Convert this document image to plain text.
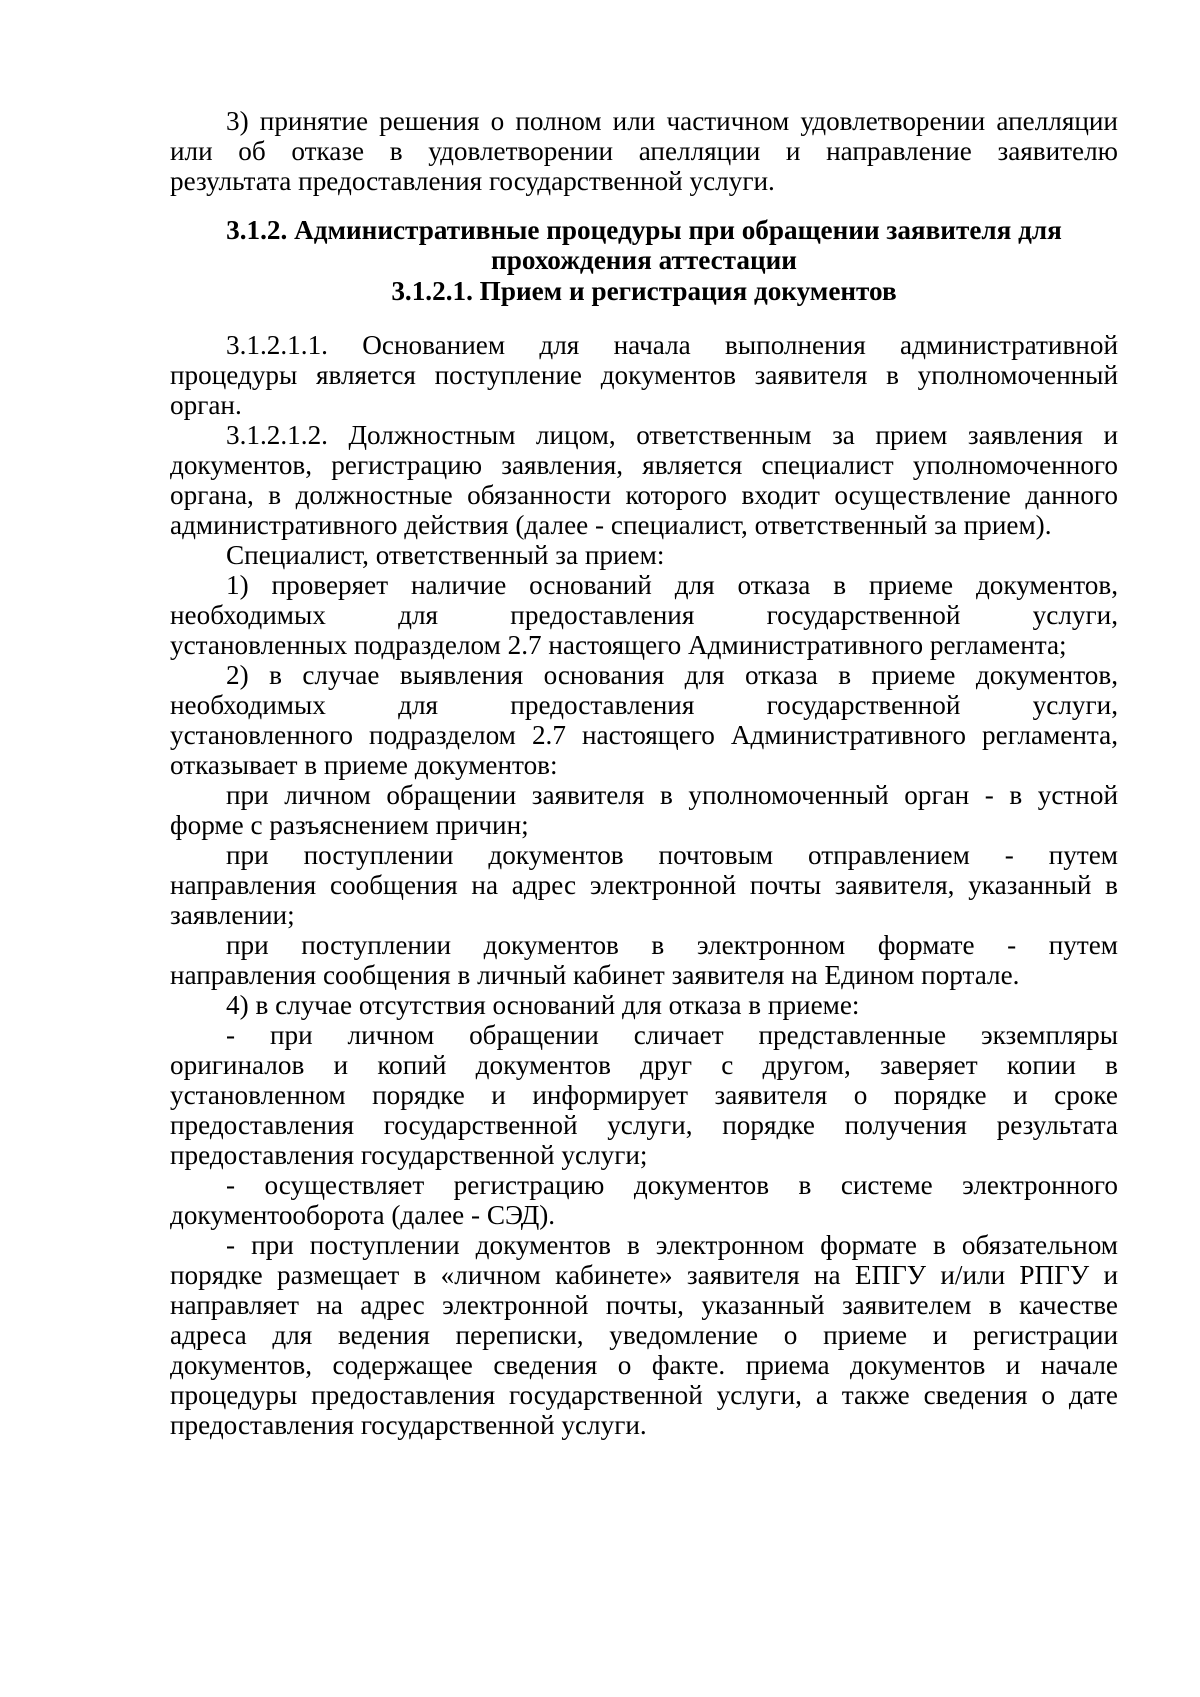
3) принятие решения о полном или частичном удовлетворении апелляции
или об отказе в удовлетворении апелляции и направление заявителю
результата предоставления государственной услуги.
3.1.2. Административные процедуры при обращении заявителя для
прохождения аттестации
3.1.2.1. Прием и регистрация документов
3.1.2.1.1. Основанием для начала выполнения административной
процедуры является поступление документов заявителя в уполномоченный
орган.
3.1.2.1.2. Должностным лицом, ответственным за прием заявления и
документов, регистрацию заявления, является специалист уполномоченного
органа, в должностные обязанности которого входит осуществление данного
административного действия (далее - специалист, ответственный за прием).
Специалист, ответственный за прием:
1) проверяет наличие оснований для отказа в приеме документов,
необходимых для предоставления государственной услуги,
установленных подразделом 2.7 настоящего Административного регламента;
2) в случае выявления основания для отказа в приеме документов,
необходимых для предоставления государственной услуги,
установленного подразделом 2.7 настоящего Административного регламента,
отказывает в приеме документов:
при личном обращении заявителя в уполномоченный орган - в устной
форме с разъяснением причин;
при поступлении документов почтовым отправлением - путем
направления сообщения на адрес электронной почты заявителя, указанный в
заявлении;
при поступлении документов в электронном формате - путем
направления сообщения в личный кабинет заявителя на Едином портале.
4) в случае отсутствия оснований для отказа в приеме:
- при личном обращении сличает представленные экземпляры
оригиналов и копий документов друг с другом, заверяет копии в
установленном порядке и информирует заявителя о порядке и сроке
предоставления государственной услуги, порядке получения результата
предоставления государственной услуги;
- осуществляет регистрацию документов в системе электронного
документооборота (далее - СЭД).
- при поступлении документов в электронном формате в обязательном
порядке размещает в «личном кабинете» заявителя на ЕПГУ и/или РПГУ и
направляет на адрес электронной почты, указанный заявителем в качестве
адреса для ведения переписки, уведомление о приеме и регистрации
документов, содержащее сведения о факте. приема документов и начале
процедуры предоставления государственной услуги, а также сведения о дате
предоставления государственной услуги.
